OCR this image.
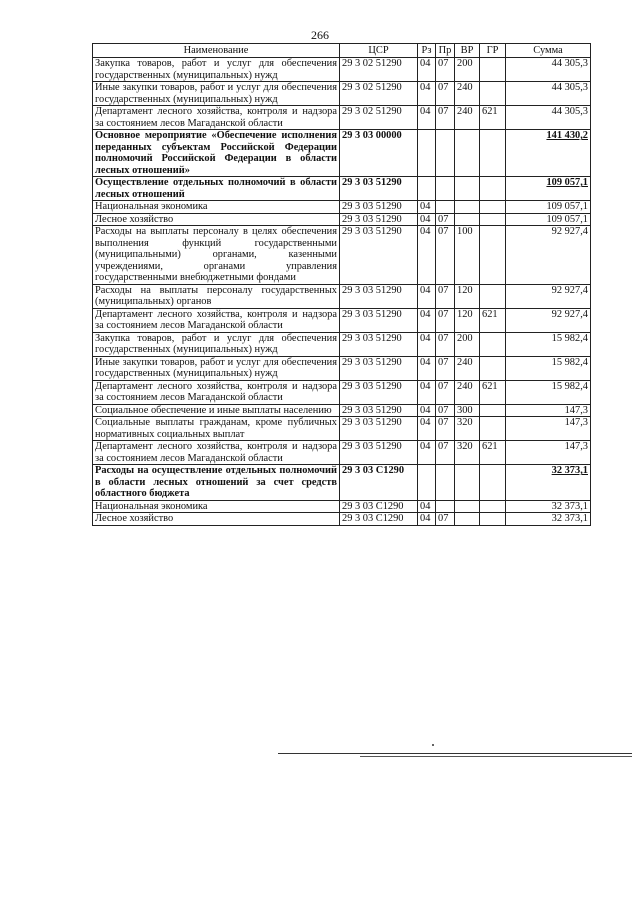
266
Наименование	ЦСР	Рз	Пр	ВР	ГР	Сумма
Закупка товаров, работ и услуг для обеспечения государственных (муниципальных) нужд	29 3 02 51290	04	07	200		44 305,3
Иные закупки товаров, работ и услуг для обеспечения государственных (муниципальных) нужд	29 3 02 51290	04	07	240		44 305,3
Департамент лесного хозяйства, контроля и надзора за состоянием лесов Магаданской области	29 3 02 51290	04	07	240	621	44 305,3
Основное мероприятие «Обеспечение исполнения переданных субъектам Российской Федерации полномочий Российской Федерации в области лесных отношений»	29 3 03 00000					141 430,2
Осуществление отдельных полномочий в области лесных отношений	29 3 03 51290					109 057,1
Национальная экономика	29 3 03 51290	04				109 057,1
Лесное хозяйство	29 3 03 51290	04	07			109 057,1
Расходы на выплаты персоналу в целях обеспечения выполнения функций государственными (муниципальными) органами, казенными учреждениями, органами управления государственными внебюджетными фондами	29 3 03 51290	04	07	100		92 927,4
Расходы на выплаты персоналу государственных (муниципальных) органов	29 3 03 51290	04	07	120		92 927,4
Департамент лесного хозяйства, контроля и надзора за состоянием лесов Магаданской области	29 3 03 51290	04	07	120	621	92 927,4
Закупка товаров, работ и услуг для обеспечения государственных (муниципальных) нужд	29 3 03 51290	04	07	200		15 982,4
Иные закупки товаров, работ и услуг для обеспечения государственных (муниципальных) нужд	29 3 03 51290	04	07	240		15 982,4
Департамент лесного хозяйства, контроля и надзора за состоянием лесов Магаданской области	29 3 03 51290	04	07	240	621	15 982,4
Социальное обеспечение и иные выплаты населению	29 3 03 51290	04	07	300		147,3
Социальные выплаты гражданам, кроме публичных нормативных социальных выплат	29 3 03 51290	04	07	320		147,3
Департамент лесного хозяйства, контроля и надзора за состоянием лесов Магаданской области	29 3 03 51290	04	07	320	621	147,3
Расходы на осуществление отдельных полномочий в области лесных отношений за счет средств областного бюджета	29 3 03 С1290					32 373,1
Национальная экономика	29 3 03 С1290	04				32 373,1
Лесное хозяйство	29 3 03 С1290	04	07			32 373,1
